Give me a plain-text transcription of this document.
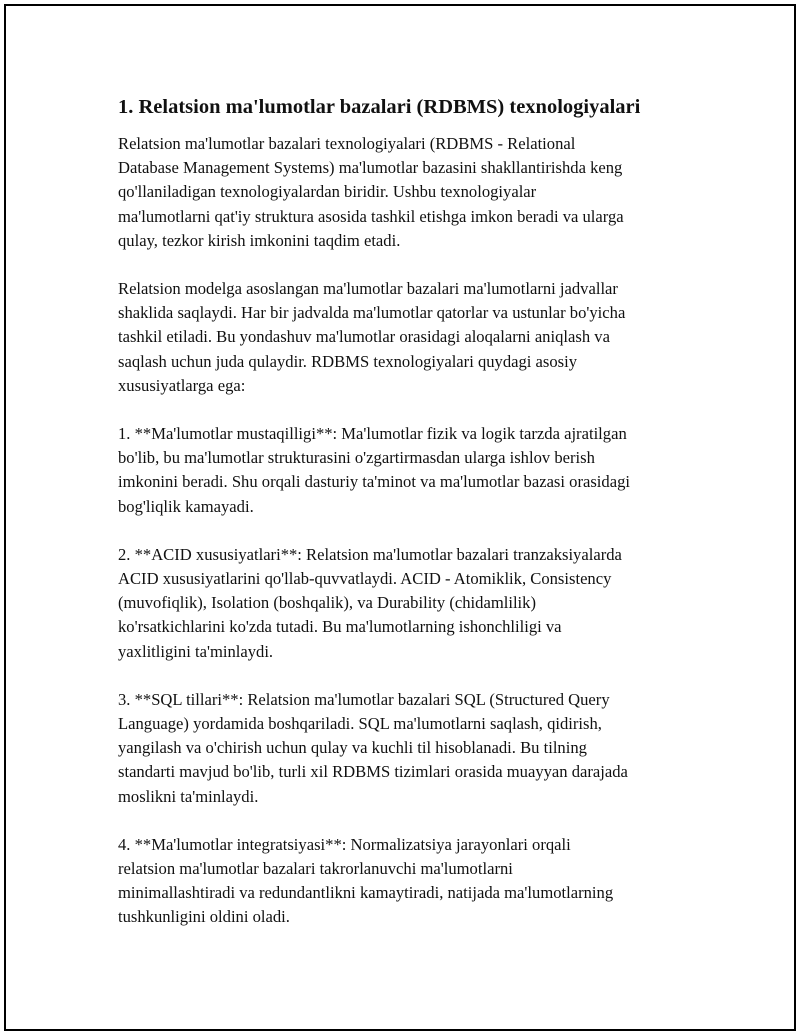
1. Relatsion ma'lumotlar bazalari (RDBMS) texnologiyalari

Relatsion ma'lumotlar bazalari texnologiyalari (RDBMS - Relational
Database Management Systems) ma'lumotlar bazasini shakllantirishda keng
qo'llaniladigan texnologiyalardan biridir. Ushbu texnologiyalar
ma'lumotlarni qat'iy struktura asosida tashkil etishga imkon beradi va ularga
qulay, tezkor kirish imkonini taqdim etadi.

Relatsion modelga asoslangan ma'lumotlar bazalari ma'lumotlarni jadvallar
shaklida saqlaydi. Har bir jadvalda ma'lumotlar qatorlar va ustunlar bo'yicha
tashkil etiladi. Bu yondashuv ma'lumotlar orasidagi aloqalarni aniqlash va
saqlash uchun juda qulaydir. RDBMS texnologiyalari quydagi asosiy
xususiyatlarga ega:

1. **Ma'lumotlar mustaqilligi**: Ma'lumotlar fizik va logik tarzda ajratilgan
bo'lib, bu ma'lumotlar strukturasini o'zgartirmasdan ularga ishlov berish
imkonini beradi. Shu orqali dasturiy ta'minot va ma'lumotlar bazasi orasidagi
bog'liqlik kamayadi.

2. **ACID xususiyatlari**: Relatsion ma'lumotlar bazalari tranzaksiyalarda
ACID xususiyatlarini qo'llab-quvvatlaydi. ACID - Atomiklik, Consistency
(muvofiqlik), Isolation (boshqalik), va Durability (chidamlilik)
ko'rsatkichlarini ko'zda tutadi. Bu ma'lumotlarning ishonchliligi va
yaxlitligini ta'minlaydi.

3. **SQL tillari**: Relatsion ma'lumotlar bazalari SQL (Structured Query
Language) yordamida boshqariladi. SQL ma'lumotlarni saqlash, qidirish,
yangilash va o'chirish uchun qulay va kuchli til hisoblanadi. Bu tilning
standarti mavjud bo'lib, turli xil RDBMS tizimlari orasida muayyan darajada
moslikni ta'minlaydi.

4. **Ma'lumotlar integratsiyasi**: Normalizatsiya jarayonlari orqali
relatsion ma'lumotlar bazalari takrorlanuvchi ma'lumotlarni
minimallashtiradi va redundantlikni kamaytiradi, natijada ma'lumotlarning
tushkunligini oldini oladi.
